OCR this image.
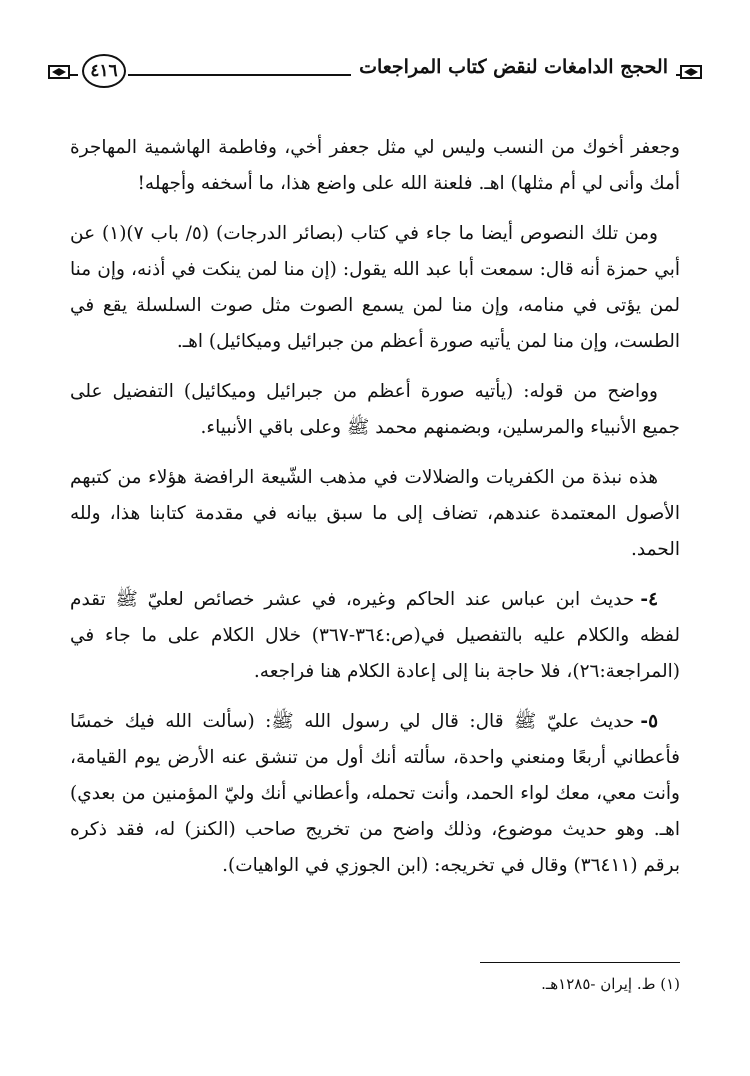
الحجج الدامغات لنقض كتاب المراجعات
٤١٦

وجعفر أخوك من النسب وليس لي مثل جعفر أخي، وفاطمة الهاشمية المهاجرة أمك وأنى لي أم مثلها) اهـ. فلعنة الله على واضع هذا، ما أسخفه وأجهله!

ومن تلك النصوص أيضا ما جاء في كتاب (بصائر الدرجات) (٥/ باب ٧)(١) عن أبي حمزة أنه قال: سمعت أبا عبد الله يقول: (إن منا لمن ينكت في أذنه، وإن منا لمن يؤتى في منامه، وإن منا لمن يسمع الصوت مثل صوت السلسلة يقع في الطست، وإن منا لمن يأتيه صورة أعظم من جبرائيل وميكائيل) اهـ.

وواضح من قوله: (يأتيه صورة أعظم من جبرائيل وميكائيل) التفضيل على جميع الأنبياء والمرسلين، وبضمنهم محمد ﷺ وعلى باقي الأنبياء.

هذه نبذة من الكفريات والضلالات في مذهب الشّيعة الرافضة هؤلاء من كتبهم الأصول المعتمدة عندهم، تضاف إلى ما سبق بيانه في مقدمة كتابنا هذا، ولله الحمد.

٤-حديث ابن عباس عند الحاكم وغيره، في عشر خصائص لعليّ ﷺ تقدم لفظه والكلام عليه بالتفصيل في(ص:٣٦٤-٣٦٧) خلال الكلام على ما جاء في (المراجعة:٢٦)، فلا حاجة بنا إلى إعادة الكلام هنا فراجعه.

٥-حديث عليّ ﷺ قال: قال لي رسول الله ﷺ: (سألت الله فيك خمسًا فأعطاني أربعًا ومنعني واحدة، سألته أنك أول من تنشق عنه الأرض يوم القيامة، وأنت معي، معك لواء الحمد، وأنت تحمله، وأعطاني أنك وليّ المؤمنين من بعدي) اهـ. وهو حديث موضوع، وذلك واضح من تخريج صاحب (الكنز) له، فقد ذكره برقم (٣٦٤١١) وقال في تخريجه: (ابن الجوزي في الواهيات).

(١) ط. إيران -١٢٨٥هـ.
